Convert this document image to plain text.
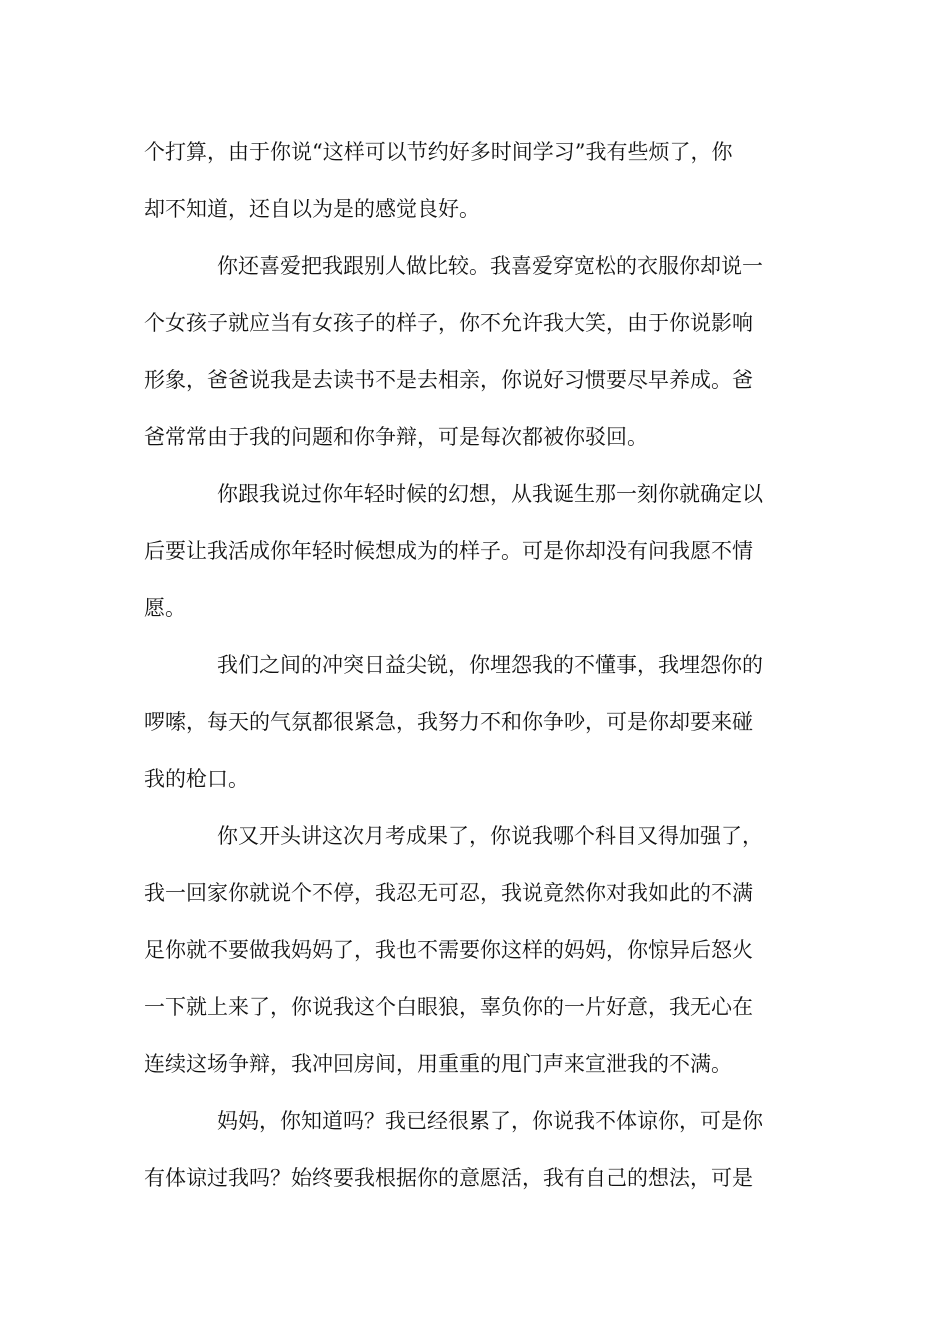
个打算，由于你说“这样可以节约好多时间学习”我有些烦了，你
却不知道，还自以为是的感觉良好。
你还喜爱把我跟别人做比较。我喜爱穿宽松的衣服你却说一
个女孩子就应当有女孩子的样子，你不允许我大笑，由于你说影响
形象，爸爸说我是去读书不是去相亲，你说好习惯要尽早养成。爸
爸常常由于我的问题和你争辩，可是每次都被你驳回。
你跟我说过你年轻时候的幻想，从我诞生那一刻你就确定以
后要让我活成你年轻时候想成为的样子。可是你却没有问我愿不情
愿。
我们之间的冲突日益尖锐，你埋怨我的不懂事，我埋怨你的
啰嗦，每天的气氛都很紧急，我努力不和你争吵，可是你却要来碰
我的枪口。
你又开头讲这次月考成果了，你说我哪个科目又得加强了，
我一回家你就说个不停，我忍无可忍，我说竟然你对我如此的不满
足你就不要做我妈妈了，我也不需要你这样的妈妈，你惊异后怒火
一下就上来了，你说我这个白眼狼，辜负你的一片好意，我无心在
连续这场争辩，我冲回房间，用重重的甩门声来宣泄我的不满。
妈妈，你知道吗？我已经很累了，你说我不体谅你，可是你
有体谅过我吗？始终要我根据你的意愿活，我有自己的想法，可是
